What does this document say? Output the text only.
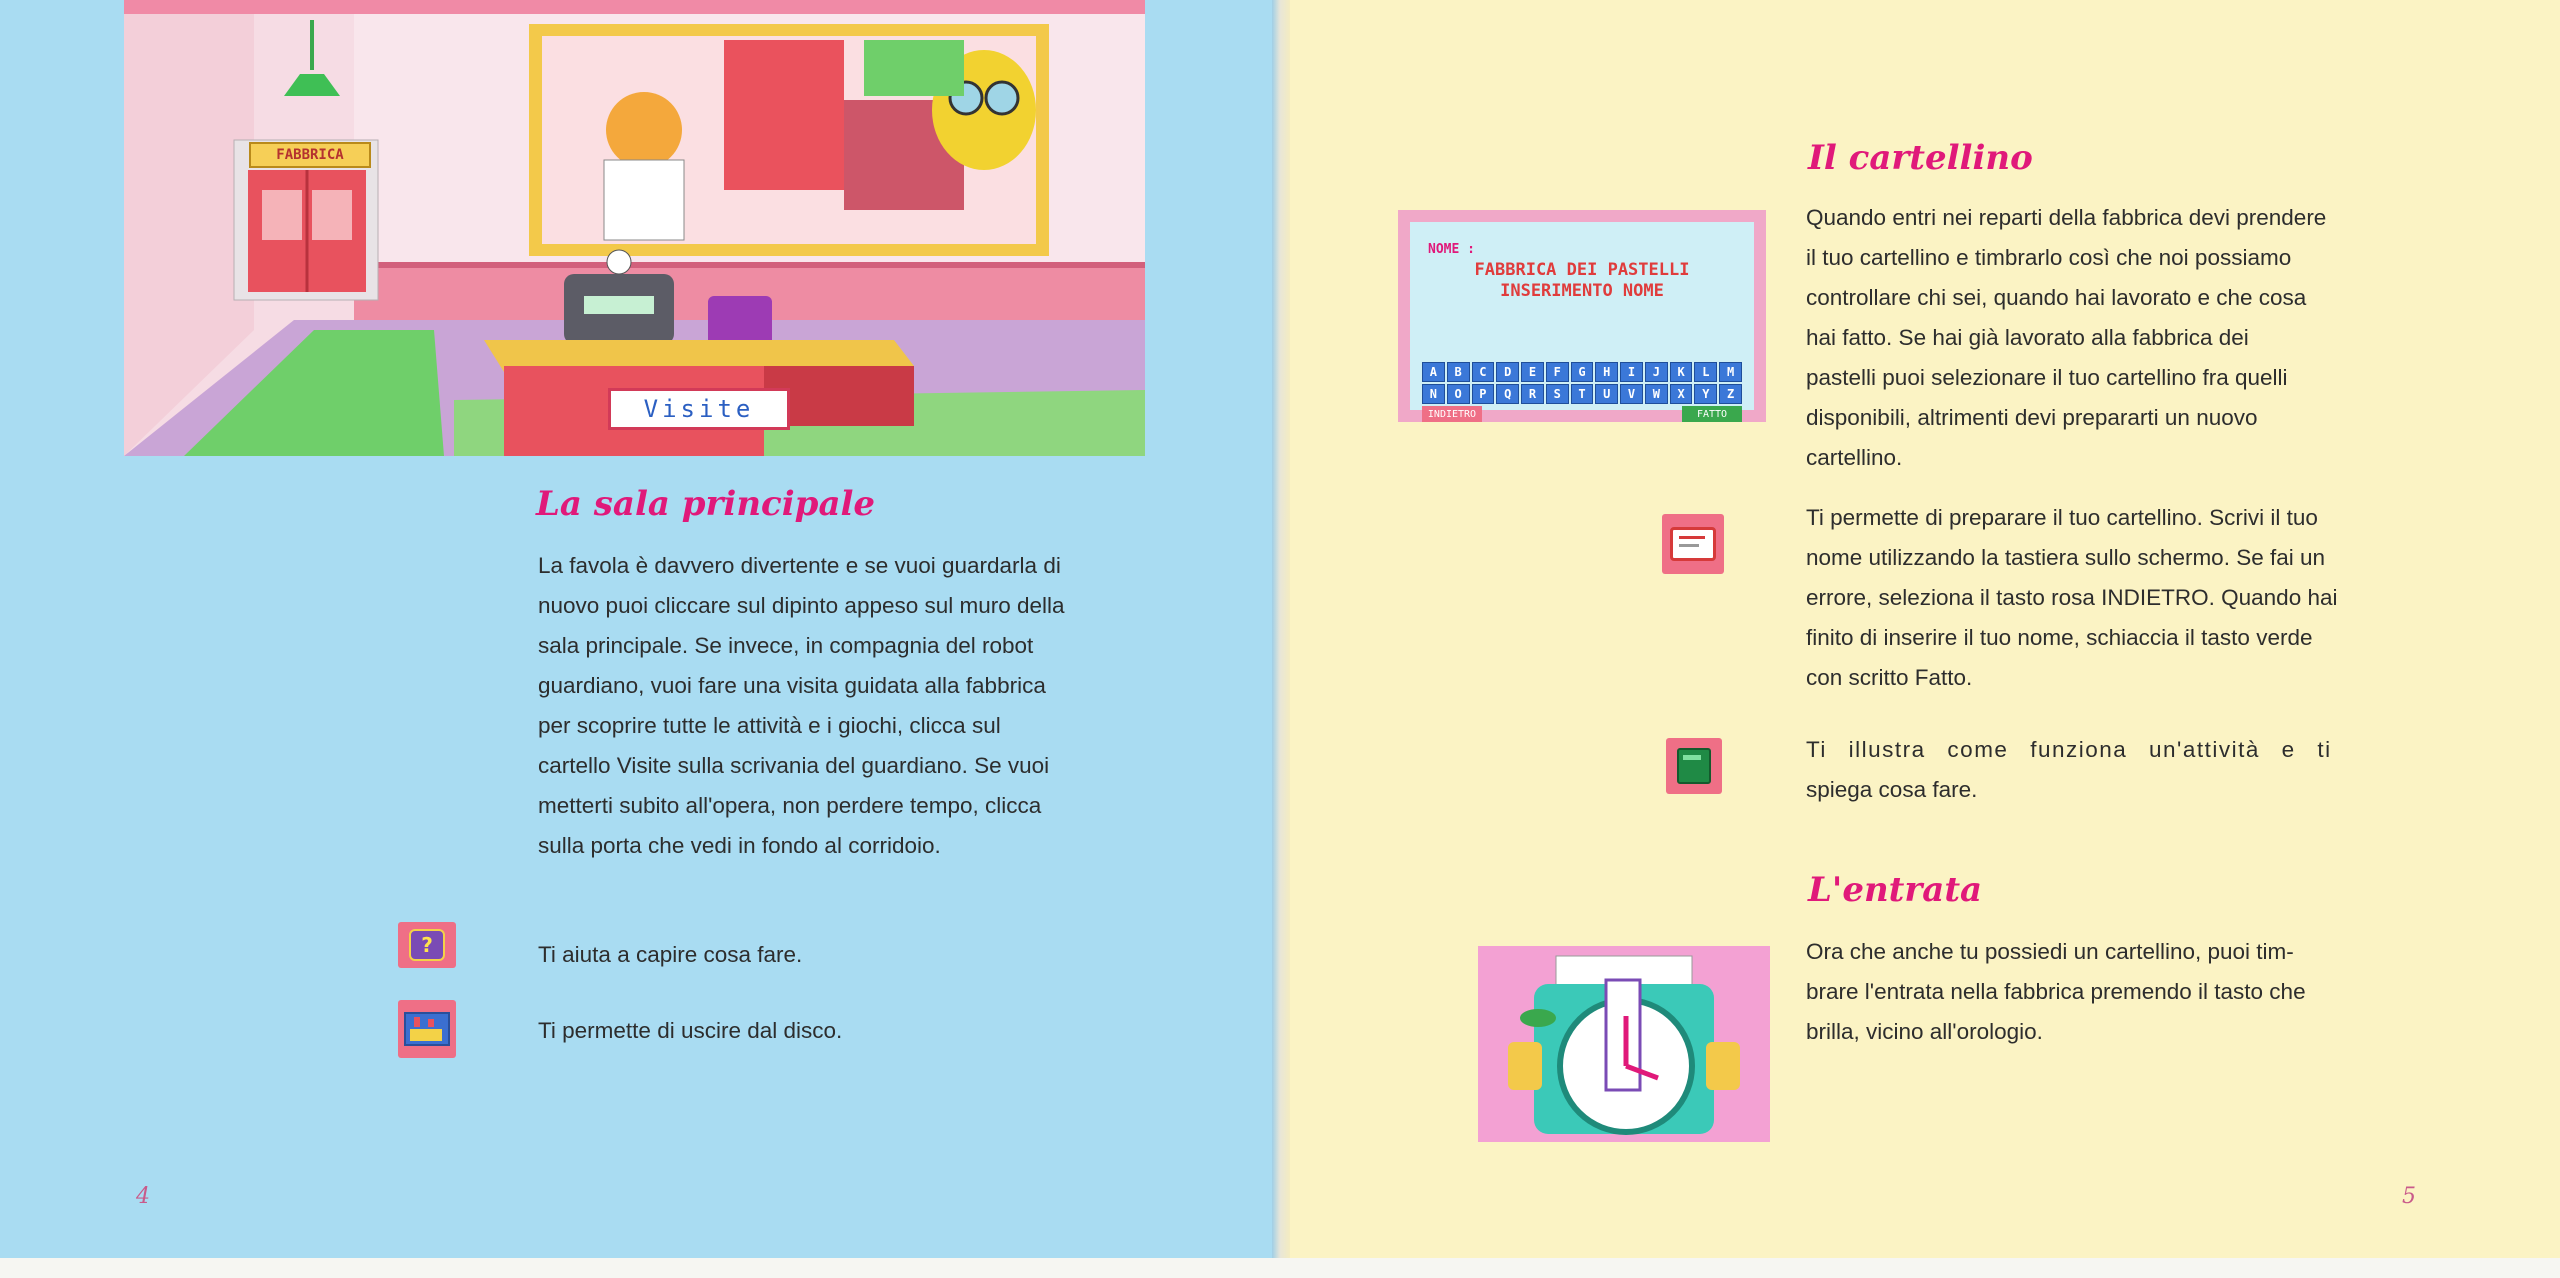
FABBRICA
Visite
La sala principale
La favola è davvero divertente e se vuoi guardarla di
nuovo puoi cliccare sul dipinto appeso sul muro della
sala principale. Se invece, in compagnia del robot
guardiano, vuoi fare una visita guidata alla fabbrica
per scoprire tutte le attività e i giochi, clicca sul
cartello Visite sulla scrivania del guardiano. Se vuoi
metterti subito all'opera, non perdere tempo, clicca
sulla porta che vedi in fondo al corridoio.
?	Ti aiuta a capire cosa fare.
Ti permette di uscire dal disco.
4
Il cartellino
Quando entri nei reparti della fabbrica devi prendere
il tuo cartellino e timbrarlo così che noi possiamo
controllare chi sei, quando hai lavorato e che cosa
hai fatto. Se hai già lavorato alla fabbrica dei
pastelli puoi selezionare il tuo cartellino fra quelli
disponibili, altrimenti devi prepararti un nuovo
cartellino.
Ti permette di preparare il tuo cartellino. Scrivi il tuo
nome utilizzando la tastiera sullo schermo. Se fai un
errore, seleziona il tasto rosa INDIETRO. Quando hai
finito di inserire il tuo nome, schiaccia il tasto verde
con scritto Fatto.
Ti illustra come funziona un'attività e ti
spiega cosa fare.
L'entrata
Ora che anche tu possiedi un cartellino, puoi tim-
brare l'entrata nella fabbrica premendo il tasto che
brilla, vicino all'orologio.
5
NOME :
FABBRICA DEI PASTELLI
INSERIMENTO NOME
A	B	C	D	E	F	G	H	I	J	K	L	M
N	O	P	Q	R	S	T	U	V	W	X	Y	Z
INDIETRO	FATTO
